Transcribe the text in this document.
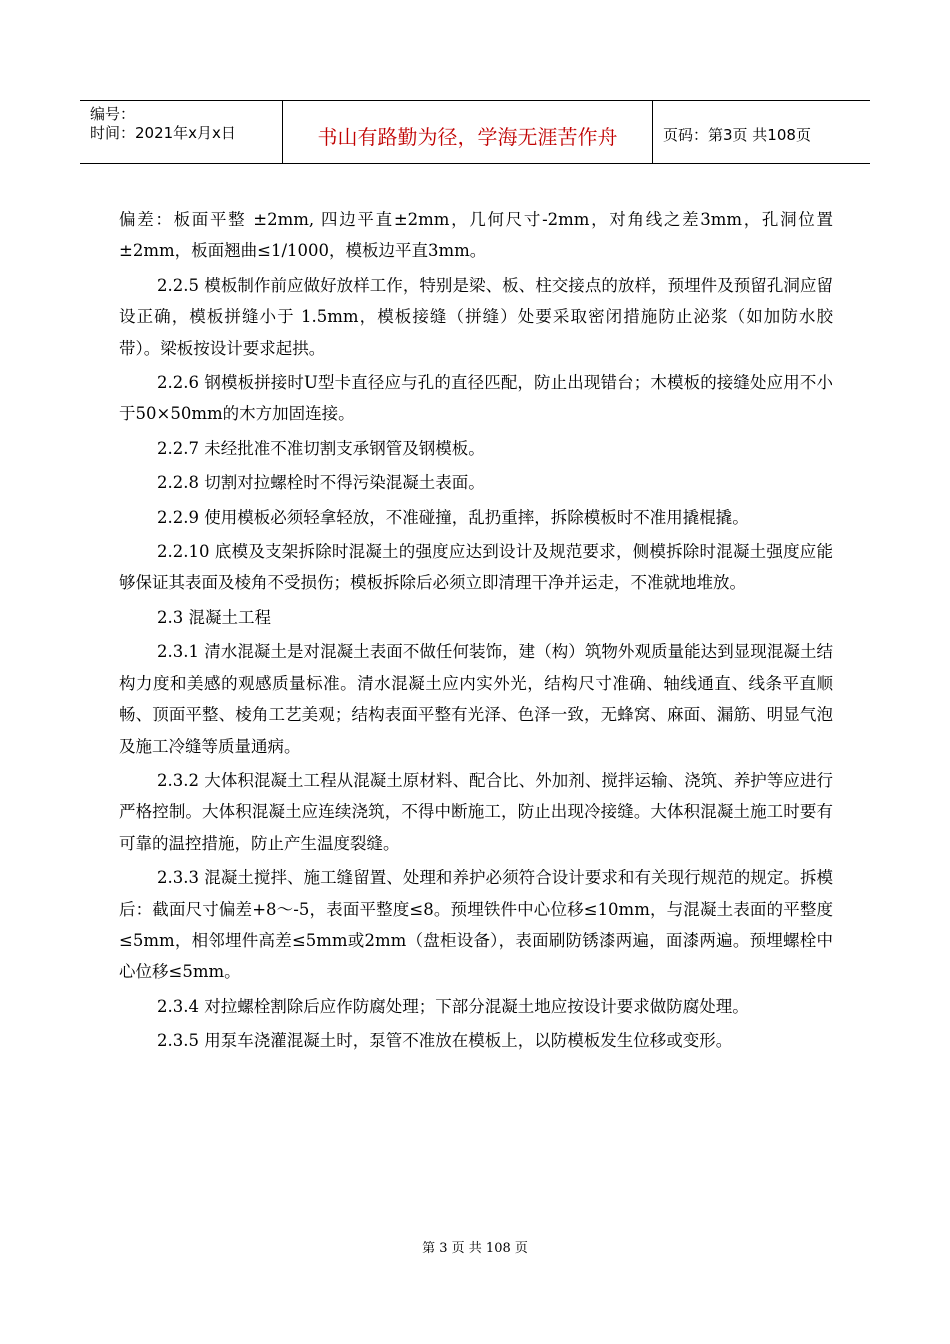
编号：
时间：2021年x月x日	书山有路勤为径，学海无涯苦作舟	页码：第3页 共108页

偏差：板面平整 ±2mm, 四边平直±2mm，几何尺寸-2mm，对角线之差3mm，孔洞位置±2mm，板面翘曲≤1/1000，模板边平直3mm。

2.2.5 模板制作前应做好放样工作，特别是梁、板、柱交接点的放样，预埋件及预留孔洞应留设正确，模板拼缝小于 1.5mm，模板接缝（拼缝）处要采取密闭措施防止泌浆（如加防水胶带）。梁板按设计要求起拱。

2.2.6 钢模板拼接时U型卡直径应与孔的直径匹配，防止出现错台；木模板的接缝处应用不小于50×50mm的木方加固连接。

2.2.7 未经批准不准切割支承钢管及钢模板。

2.2.8 切割对拉螺栓时不得污染混凝土表面。

2.2.9 使用模板必须轻拿轻放，不准碰撞，乱扔重摔，拆除模板时不准用撬棍撬。

2.2.10 底模及支架拆除时混凝土的强度应达到设计及规范要求，侧模拆除时混凝土强度应能够保证其表面及棱角不受损伤；模板拆除后必须立即清理干净并运走，不准就地堆放。

2.3 混凝土工程

2.3.1 清水混凝土是对混凝土表面不做任何装饰，建（构）筑物外观质量能达到显现混凝土结构力度和美感的观感质量标准。清水混凝土应内实外光，结构尺寸准确、轴线通直、线条平直顺畅、顶面平整、棱角工艺美观；结构表面平整有光泽、色泽一致，无蜂窝、麻面、漏筋、明显气泡及施工冷缝等质量通病。

2.3.2 大体积混凝土工程从混凝土原材料、配合比、外加剂、搅拌运输、浇筑、养护等应进行严格控制。大体积混凝土应连续浇筑，不得中断施工，防止出现冷接缝。大体积混凝土施工时要有可靠的温控措施，防止产生温度裂缝。

2.3.3 混凝土搅拌、施工缝留置、处理和养护必须符合设计要求和有关现行规范的规定。拆模后：截面尺寸偏差+8～-5，表面平整度≤8。预埋铁件中心位移≤10mm，与混凝土表面的平整度≤5mm，相邻埋件高差≤5mm或2mm（盘柜设备），表面刷防锈漆两遍，面漆两遍。预埋螺栓中心位移≤5mm。

2.3.4 对拉螺栓割除后应作防腐处理；下部分混凝土地应按设计要求做防腐处理。

2.3.5 用泵车浇灌混凝土时，泵管不准放在模板上，以防模板发生位移或变形。

第 3 页 共 108 页
